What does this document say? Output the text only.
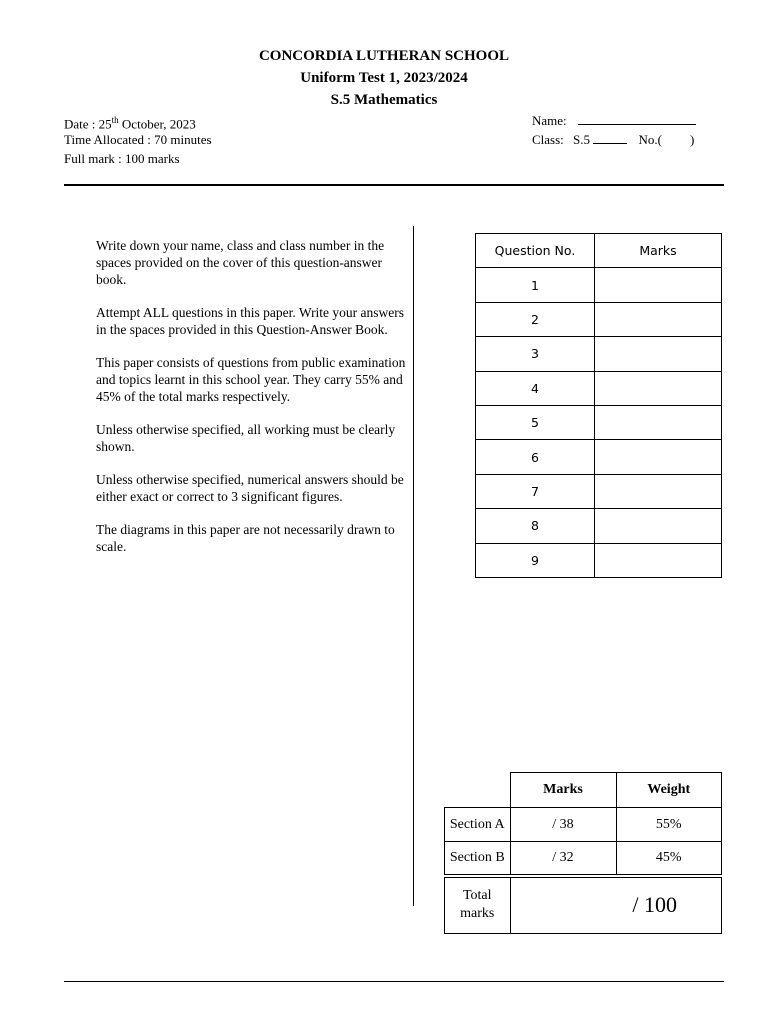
CONCORDIA LUTHERAN SCHOOL
Uniform Test 1, 2023/2024
S.5 Mathematics
Date : 25th October, 2023
Time Allocated : 70 minutes
Full mark : 100 marks
Name:
Class: S.5	No.( )

Write down your name, class and class number in the spaces provided on the cover of this question-answer book.

Attempt ALL questions in this paper. Write your answers in the spaces provided in this Question-Answer Book.

This paper consists of questions from public examination and topics learnt in this school year. They carry 55% and 45% of the total marks respectively.

Unless otherwise specified, all working must be clearly shown.

Unless otherwise specified, numerical answers should be either exact or correct to 3 significant figures.

The diagrams in this paper are not necessarily drawn to scale.

Question No.	Marks
1	
2	
3	
4	
5	
6	
7	
8	
9	
	Marks	Weight
Section A	/ 38	55%
Section B	/ 32	45%
Total
marks	/ 100	
